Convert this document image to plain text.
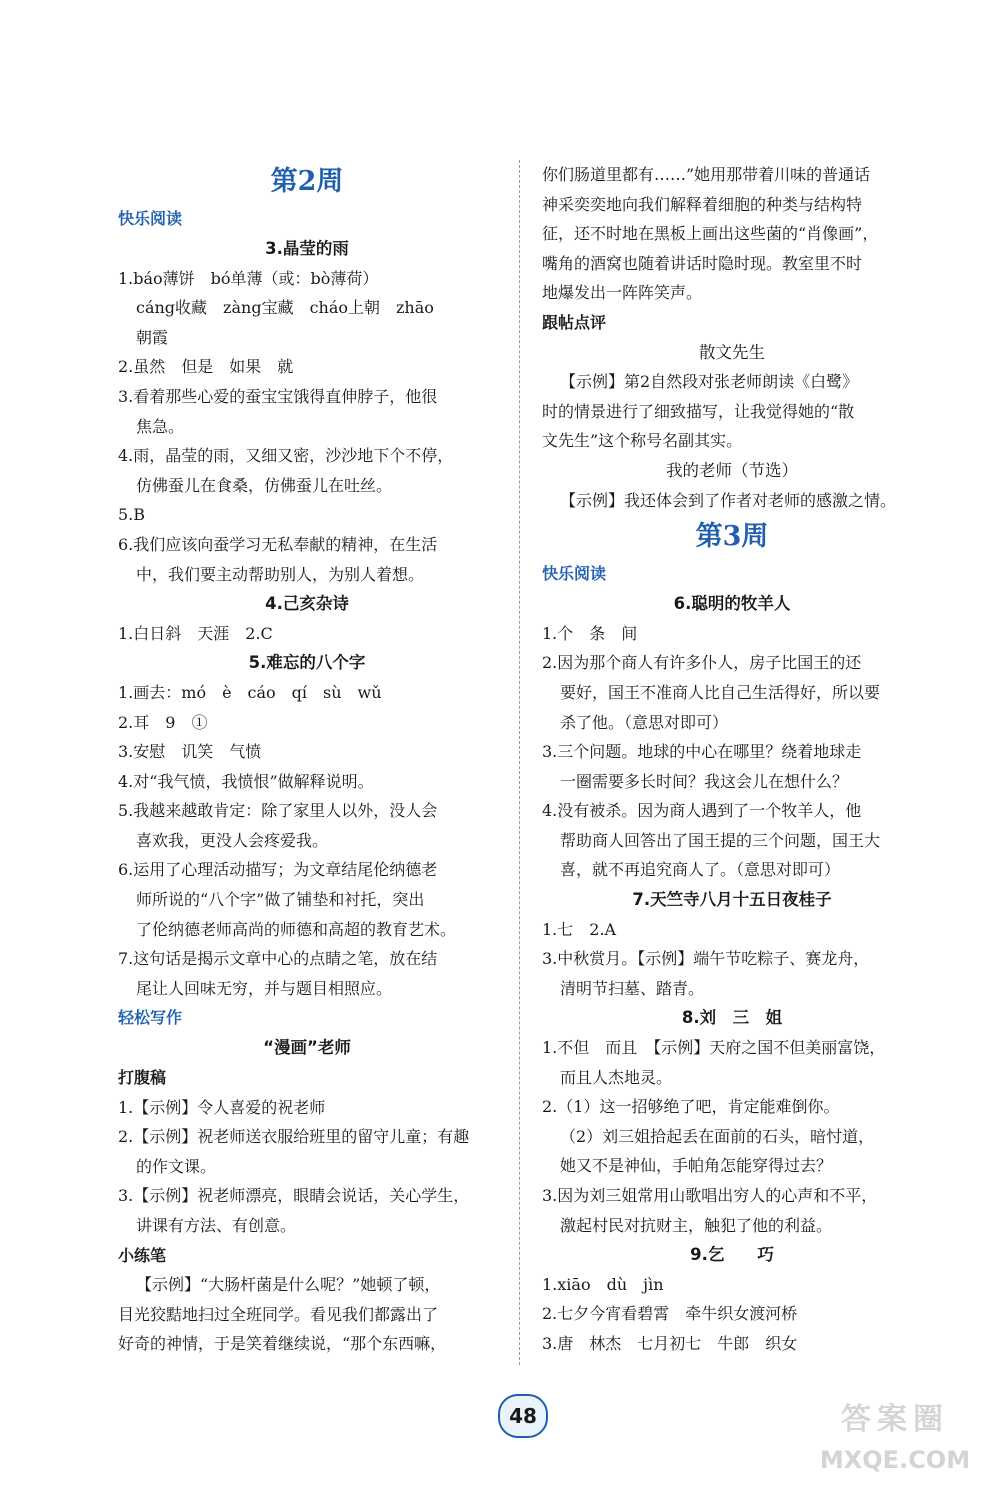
第2周
快乐阅读
3.晶莹的雨
1.báo薄饼　bó单薄（或：bò薄荷）
cáng收藏　zàng宝藏　cháo上朝　zhāo
朝霞
2.虽然　但是　如果　就
3.看着那些心爱的蚕宝宝饿得直伸脖子，他很
焦急。
4.雨，晶莹的雨，又细又密，沙沙地下个不停，
仿佛蚕儿在食桑，仿佛蚕儿在吐丝。
5.B
6.我们应该向蚕学习无私奉献的精神，在生活
中，我们要主动帮助别人，为别人着想。
4.己亥杂诗
1.白日斜　天涯　2.C
5.难忘的八个字
1.画去：mó　è　cáo　qí　sù　wǔ
2.耳　9　①
3.安慰　讥笑　气愤
4.对“我气愤，我愤恨”做解释说明。
5.我越来越敢肯定：除了家里人以外，没人会
喜欢我，更没人会疼爱我。
6.运用了心理活动描写；为文章结尾伦纳德老
师所说的“八个字”做了铺垫和衬托，突出
了伦纳德老师高尚的师德和高超的教育艺术。
7.这句话是揭示文章中心的点睛之笔，放在结
尾让人回味无穷，并与题目相照应。
轻松写作
“漫画”老师
打腹稿
1.【示例】令人喜爱的祝老师
2.【示例】祝老师送衣服给班里的留守儿童；有趣
的作文课。
3.【示例】祝老师漂亮，眼睛会说话，关心学生，
讲课有方法、有创意。
小练笔
【示例】“大肠杆菌是什么呢？”她顿了顿，
目光狡黠地扫过全班同学。看见我们都露出了
好奇的神情，于是笑着继续说，“那个东西嘛，
你们肠道里都有……”她用那带着川味的普通话
神采奕奕地向我们解释着细胞的种类与结构特
征，还不时地在黑板上画出这些菌的“肖像画”，
嘴角的酒窝也随着讲话时隐时现。教室里不时
地爆发出一阵阵笑声。
跟帖点评
散文先生
【示例】第2自然段对张老师朗读《白鹭》
时的情景进行了细致描写，让我觉得她的“散
文先生”这个称号名副其实。
我的老师（节选）
【示例】我还体会到了作者对老师的感激之情。
第3周
快乐阅读
6.聪明的牧羊人
1.个　条　间
2.因为那个商人有许多仆人，房子比国王的还
要好，国王不准商人比自己生活得好，所以要
杀了他。（意思对即可）
3.三个问题。地球的中心在哪里？绕着地球走
一圈需要多长时间？我这会儿在想什么？
4.没有被杀。因为商人遇到了一个牧羊人，他
帮助商人回答出了国王提的三个问题，国王大
喜，就不再追究商人了。（意思对即可）
7.天竺寺八月十五日夜桂子
1.七　2.A
3.中秋赏月。【示例】端午节吃粽子、赛龙舟，
清明节扫墓、踏青。
8.刘　三　姐
1.不但　而且　【示例】天府之国不但美丽富饶，
而且人杰地灵。
2.（1）这一招够绝了吧，肯定能难倒你。
（2）刘三姐拾起丢在面前的石头，暗忖道，
她又不是神仙，手帕角怎能穿得过去？
3.因为刘三姐常用山歌唱出穷人的心声和不平，
激起村民对抗财主，触犯了他的利益。
9.乞　　巧
1.xiāo　dù　jìn
2.七夕今宵看碧霄　牵牛织女渡河桥
3.唐　林杰　七月初七　牛郎　织女
48	答案圈
MXQE.COM
